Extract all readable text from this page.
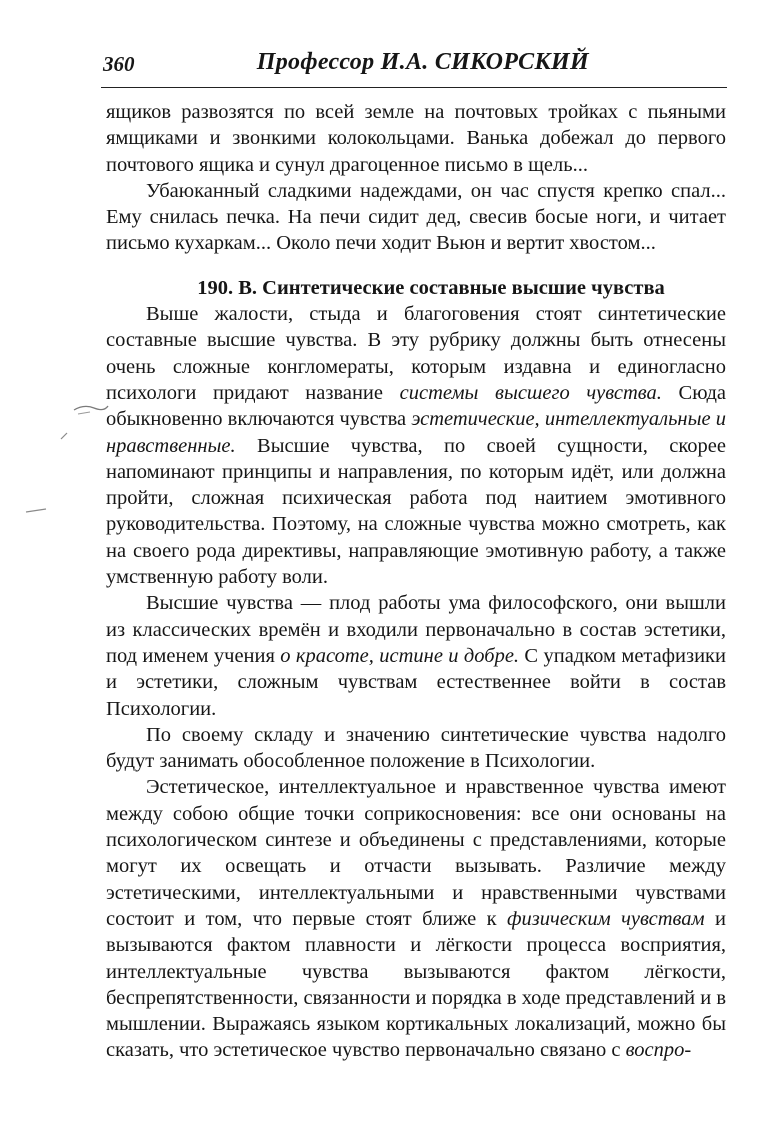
360	Профессор И.А. СИКОРСКИЙ

ящиков развозятся по всей земле на почтовых тройках с пьяными ямщиками и звонкими колокольцами. Ванька добежал до первого почтового ящика и сунул драгоценное письмо в щель...

Убаюканный сладкими надеждами, он час спустя крепко спал... Ему снилась печка. На печи сидит дед, свесив босые ноги, и читает письмо кухаркам... Около печи ходит Вьюн и вертит хвостом...

190. В. Синтетические составные высшие чувства

Выше жалости, стыда и благоговения стоят синтетические составные высшие чувства. В эту рубрику должны быть отнесены очень сложные конгломераты, которым издавна и единогласно психологи придают название системы высшего чувства. Сюда обыкновенно включаются чувства эстетические, интеллектуальные и нравственные. Высшие чувства, по своей сущности, скорее напоминают принципы и направления, по которым идёт, или должна пройти, сложная психическая работа под наитием эмотивного руководительства. Поэтому, на сложные чувства можно смотреть, как на своего рода директивы, направляющие эмотивную работу, а также умственную работу воли.

Высшие чувства — плод работы ума философского, они вышли из классических времён и входили первоначально в состав эстетики, под именем учения о красоте, истине и добре. С упадком метафизики и эстетики, сложным чувствам естественнее войти в состав Психологии.

По своему складу и значению синтетические чувства надолго будут занимать обособленное положение в Психологии.

Эстетическое, интеллектуальное и нравственное чувства имеют между собою общие точки соприкосновения: все они основаны на психологическом синтезе и объединены с представлениями, которые могут их освещать и отчасти вызывать. Различие между эстетическими, интеллектуальными и нравственными чувствами состоит и том, что первые стоят ближе к физическим чувствам и вызываются фактом плавности и лёгкости процесса восприятия, интеллектуальные чувства вызываются фактом лёгкости, беспрепятственности, связанности и порядка в ходе представлений и в мышлении. Выражаясь языком кортикальных локализаций, можно бы сказать, что эстетическое чувство первоначально связано с воспро-
